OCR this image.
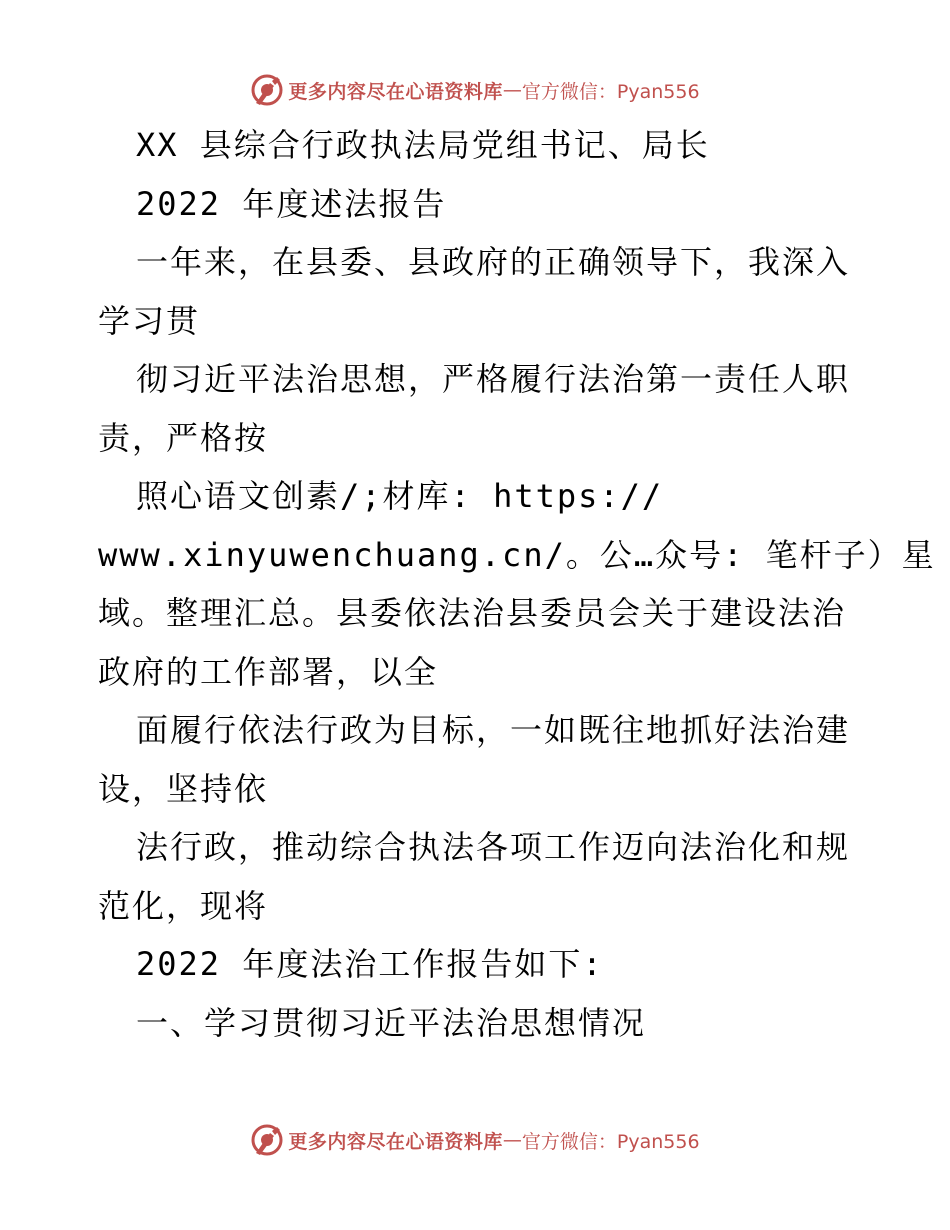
更多内容尽在心语资料库 — 官方微信：Pyan556
XX 县综合行政执法局党组书记、局长
2022 年度述法报告
一年来，在县委、县政府的正确领导下，我深入
学习贯
彻习近平法治思想，严格履行法治第一责任人职
责，严格按
照心语文创素/;材库: https://
www.xinyuwenchuang.cn/。公…众号: 笔杆子）星
域。整理汇总。县委依法治县委员会关于建设法治
政府的工作部署，以全
面履行依法行政为目标，一如既往地抓好法治建
设，坚持依
法行政，推动综合执法各项工作迈向法治化和规
范化，现将
2022 年度法治工作报告如下:
一、学习贯彻习近平法治思想情况
更多内容尽在心语资料库 — 官方微信：Pyan556
